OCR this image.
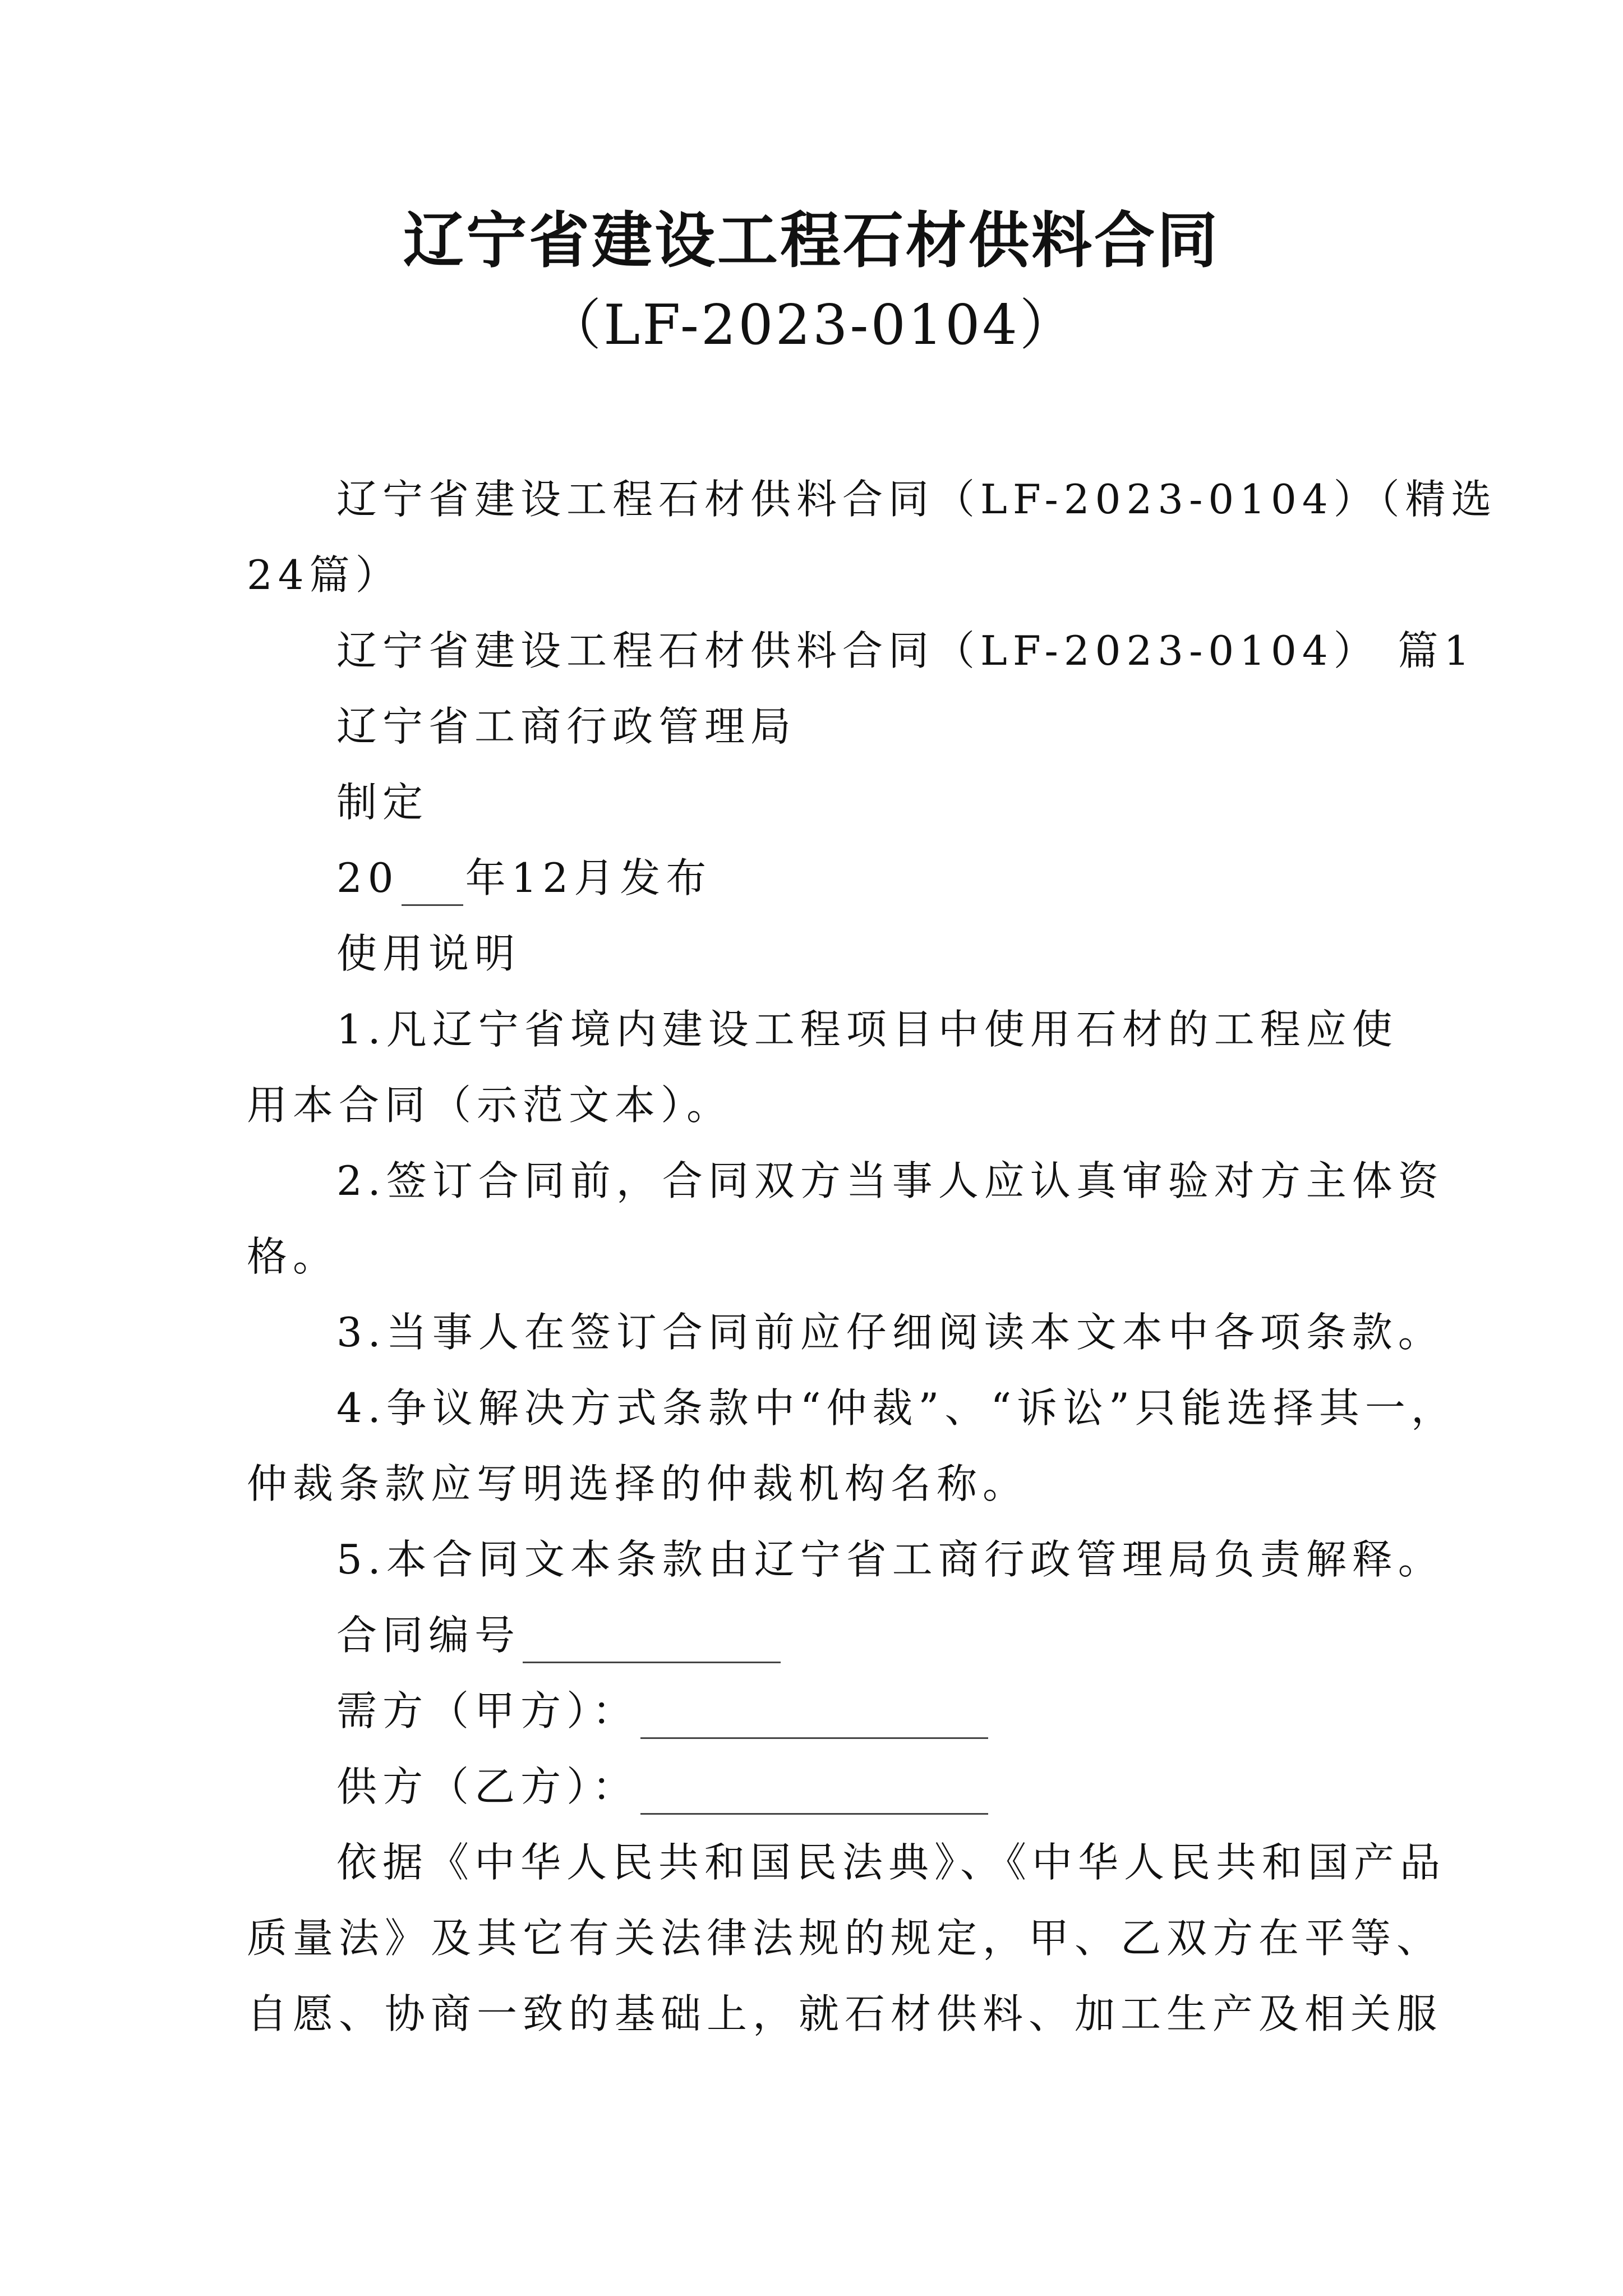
辽宁省建设工程石材供料合同
（LF-2023-0104）
辽宁省建设工程石材供料合同（LF-2023-0104）（精选
24篇）
辽宁省建设工程石材供料合同（LF-2023-0104） 篇1
辽宁省工商行政管理局
制定
20 年12月发布
使用说明
1.凡辽宁省境内建设工程项目中使用石材的工程应使
用本合同（示范文本）。
2.签订合同前，合同双方当事人应认真审验对方主体资
格。
3.当事人在签订合同前应仔细阅读本文本中各项条款。
4.争议解决方式条款中“仲裁”、“诉讼”只能选择其一，
仲裁条款应写明选择的仲裁机构名称。
5.本合同文本条款由辽宁省工商行政管理局负责解释。
合同编号
需方（甲方）：
供方（乙方）：
依据《中华人民共和国民法典》、《中华人民共和国产品
质量法》及其它有关法律法规的规定，甲、乙双方在平等、
自愿、协商一致的基础上，就石材供料、加工生产及相关服
